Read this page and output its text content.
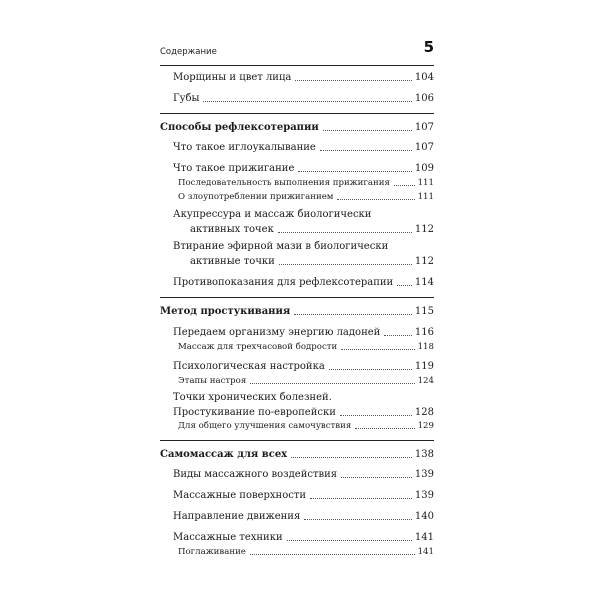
Содержание	5
Морщины и цвет лица	104
Губы	106
Способы рефлексотерапии	107
Что такое иглоукалывание	107
Что такое прижигание	109
Последовательность выполнения прижигания	111
О злоупотреблении прижиганием	111
Акупрессура и массаж биологически
активных точек	112
Втирание эфирной мази в биологически
активные точки	112
Противопоказания для рефлексотерапии 114
Метод простукивания	115
Передаем организму энергию ладоней	116
Массаж для трехчасовой бодрости	118
Психологическая настройка	119
Этапы настроя	124
Точки хронических болезней.
Простукивание по-европейски	128
Для общего улучшения самочувствия	129
Самомассаж для всех	138
Виды массажного воздействия	139
Массажные поверхности	139
Направление движения	140
Массажные техники	141
Поглаживание	141
